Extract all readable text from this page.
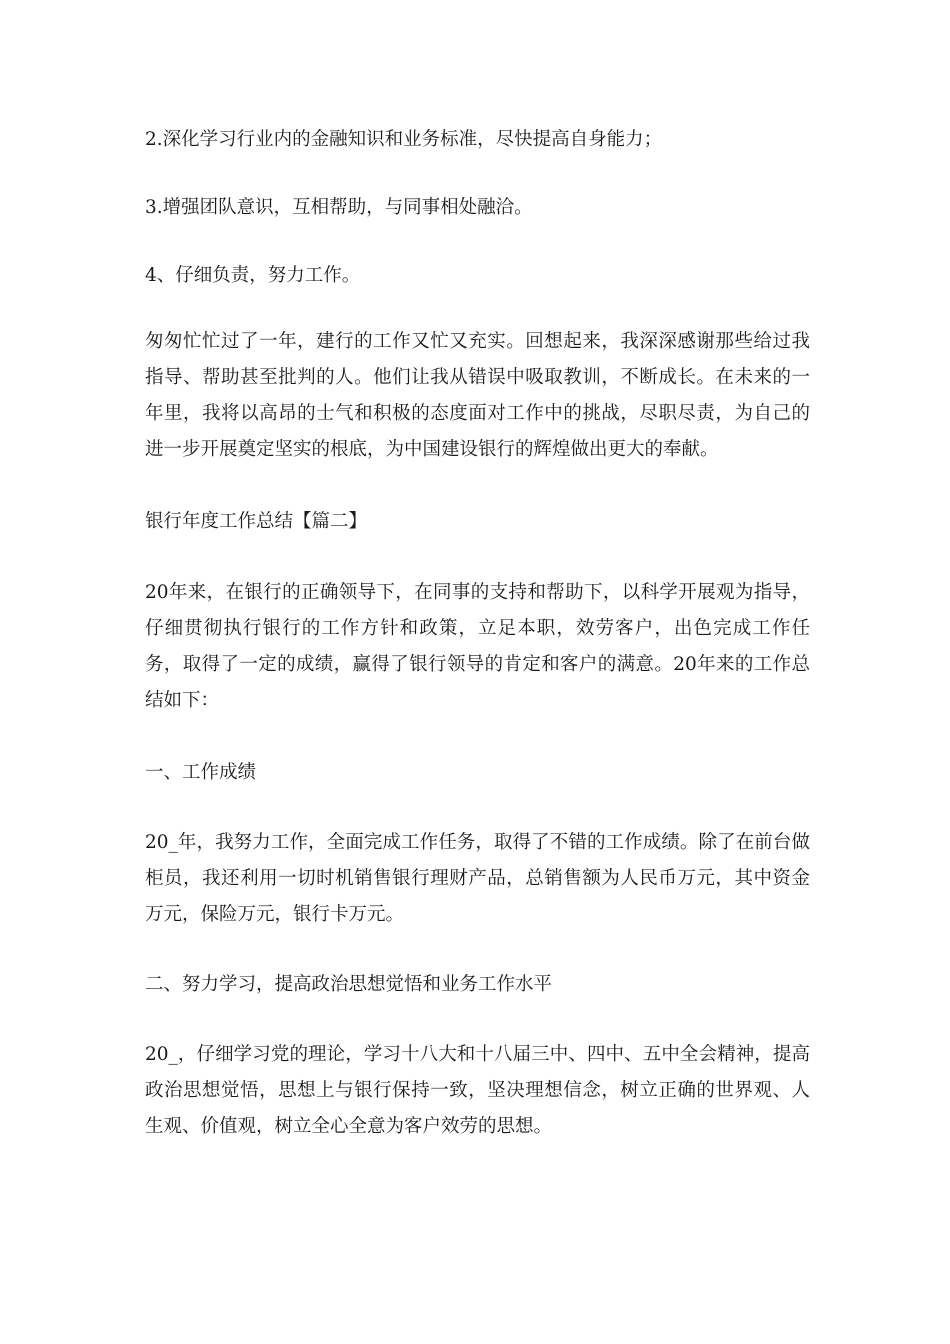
2.深化学习行业内的金融知识和业务标准，尽快提高自身能力；

3.增强团队意识，互相帮助，与同事相处融洽。

4、仔细负责，努力工作。

匆匆忙忙过了一年，建行的工作又忙又充实。回想起来，我深深感谢那些给过我指导、帮助甚至批判的人。他们让我从错误中吸取教训，不断成长。在未来的一年里，我将以高昂的士气和积极的态度面对工作中的挑战，尽职尽责，为自己的进一步开展奠定坚实的根底，为中国建设银行的辉煌做出更大的奉献。

银行年度工作总结【篇二】

20年来，在银行的正确领导下，在同事的支持和帮助下，以科学开展观为指导，仔细贯彻执行银行的工作方针和政策，立足本职，效劳客户，出色完成工作任务，取得了一定的成绩，赢得了银行领导的肯定和客户的满意。20年来的工作总结如下：

一、工作成绩

20_年，我努力工作，全面完成工作任务，取得了不错的工作成绩。除了在前台做柜员，我还利用一切时机销售银行理财产品，总销售额为人民币万元，其中资金万元，保险万元，银行卡万元。

二、努力学习，提高政治思想觉悟和业务工作水平

20_，仔细学习党的理论，学习十八大和十八届三中、四中、五中全会精神，提高政治思想觉悟，思想上与银行保持一致，坚决理想信念，树立正确的世界观、人生观、价值观，树立全心全意为客户效劳的思想。
